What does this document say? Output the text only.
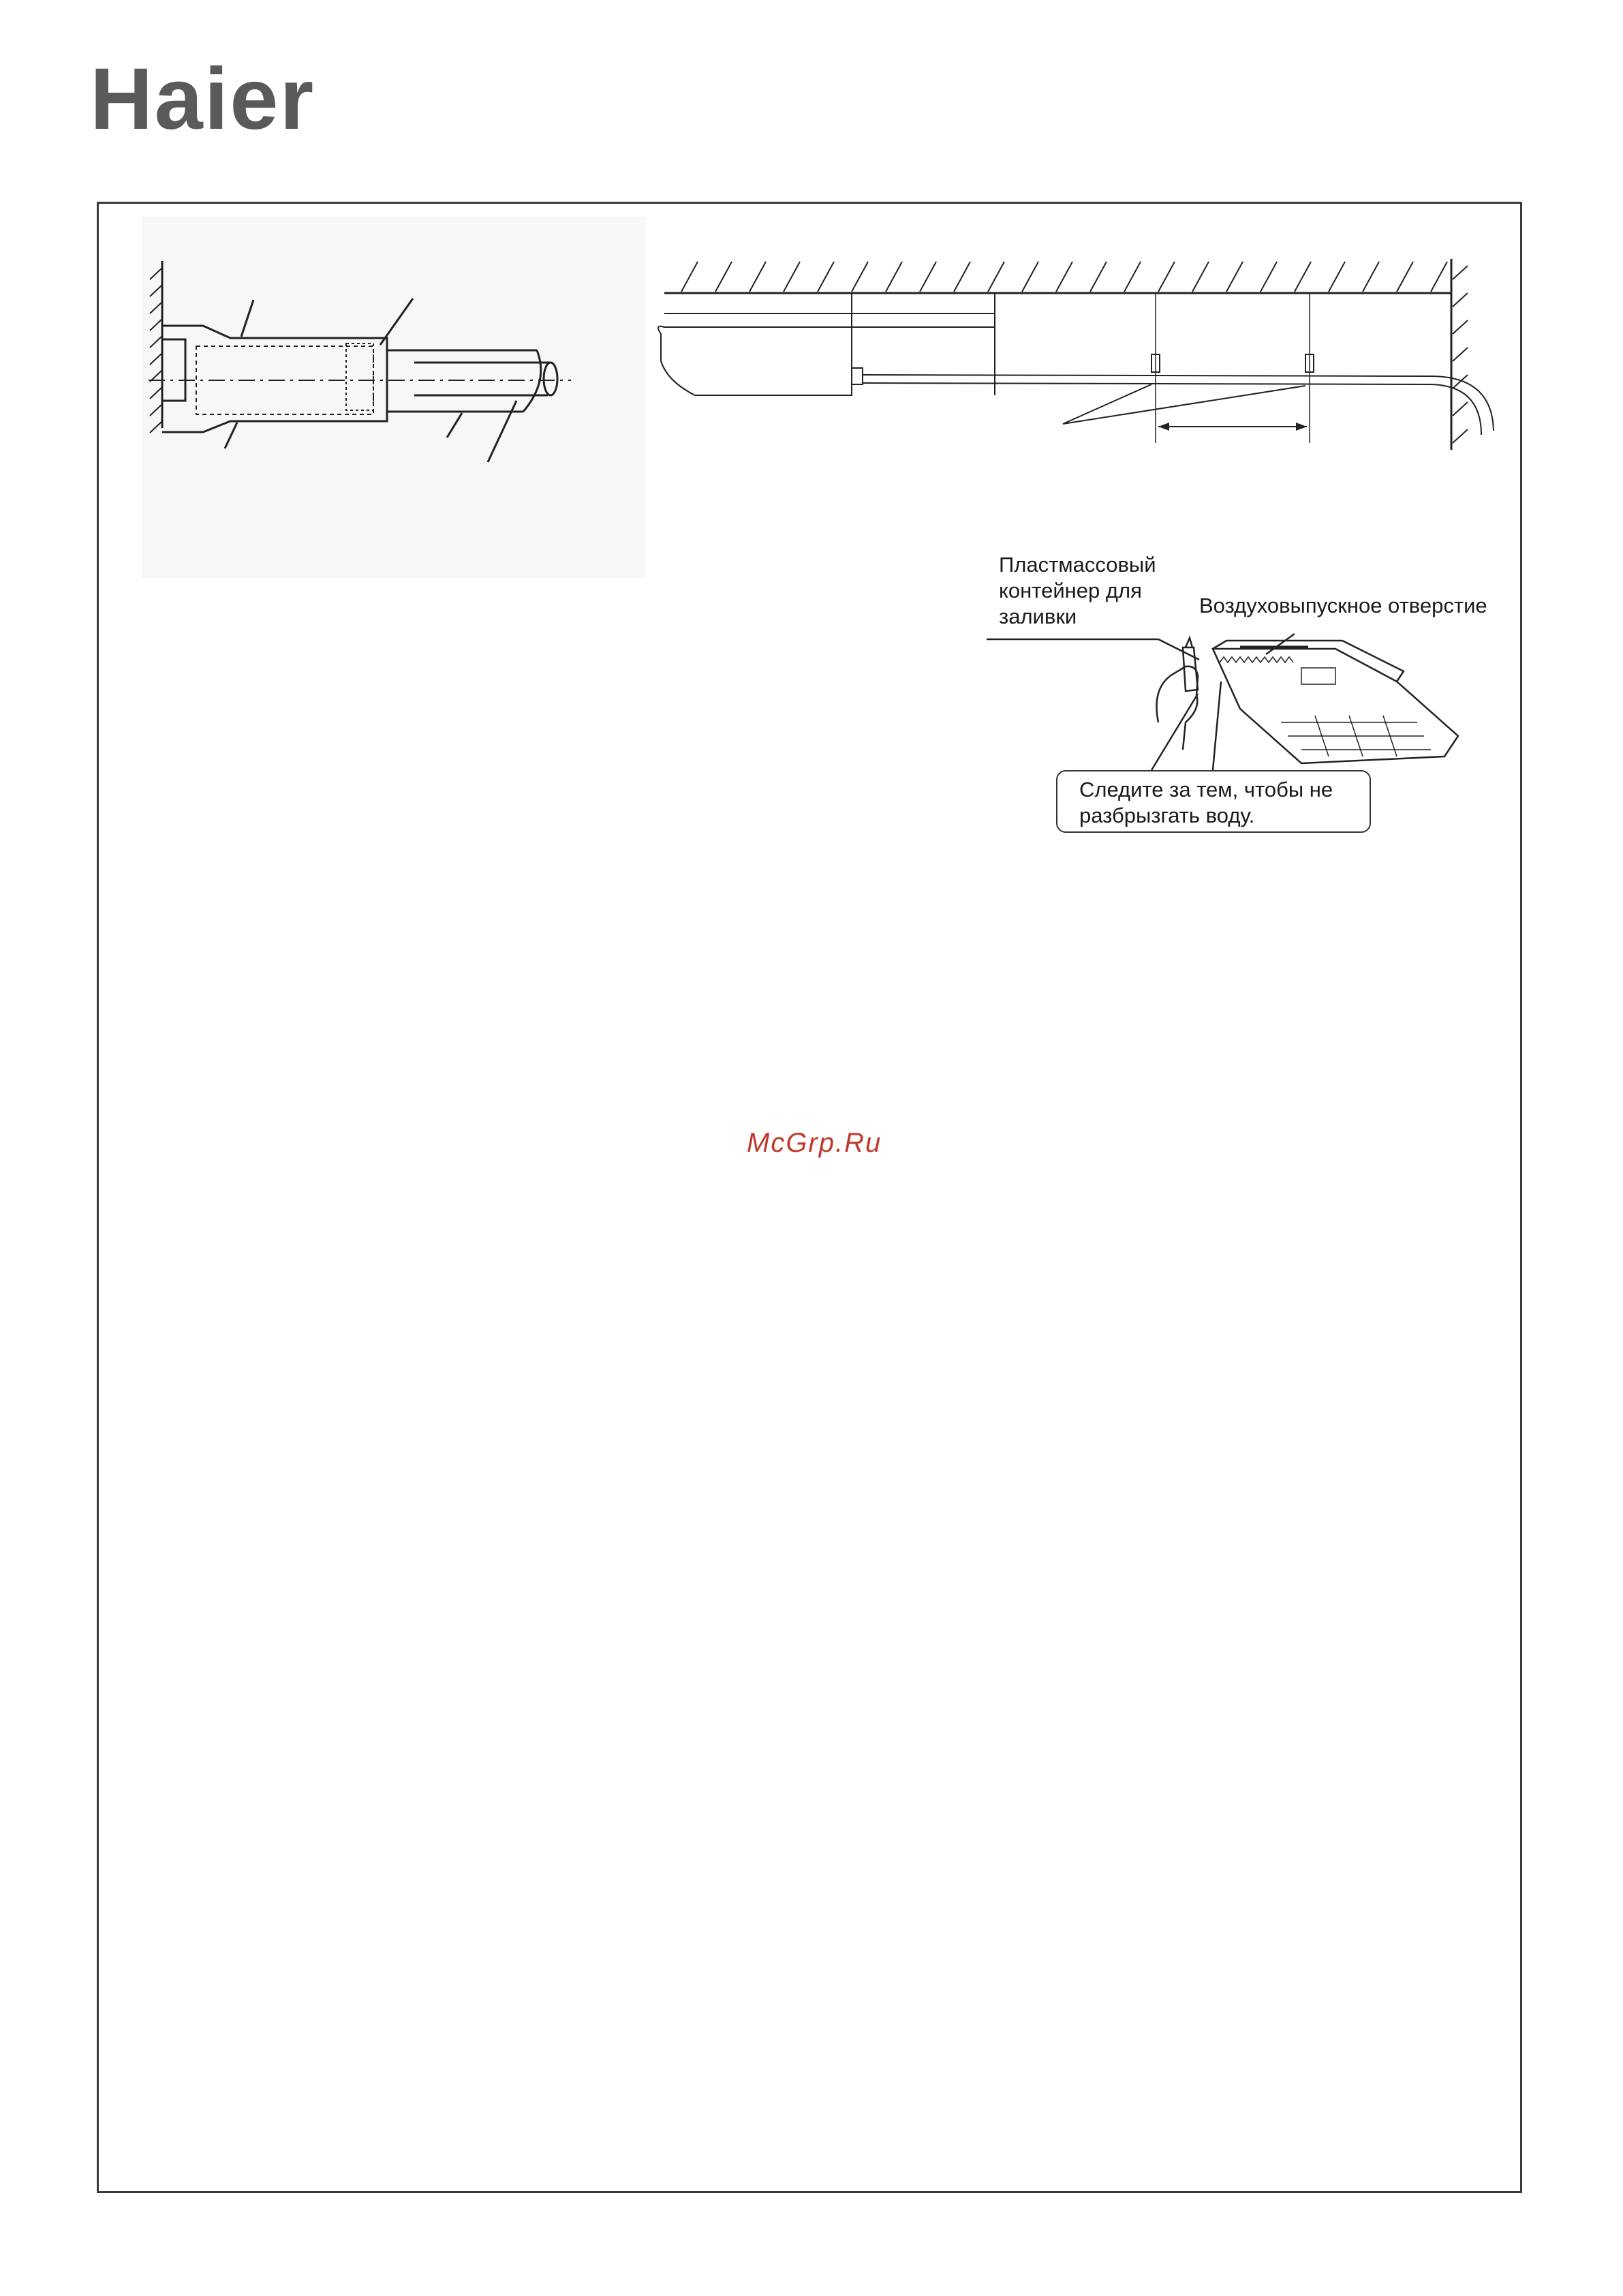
Haier
Пластмассовый контейнер для заливки	Воздуховыпускное отверстие
Следите за тем, чтобы не разбрызгать воду.
McGrp.Ru
